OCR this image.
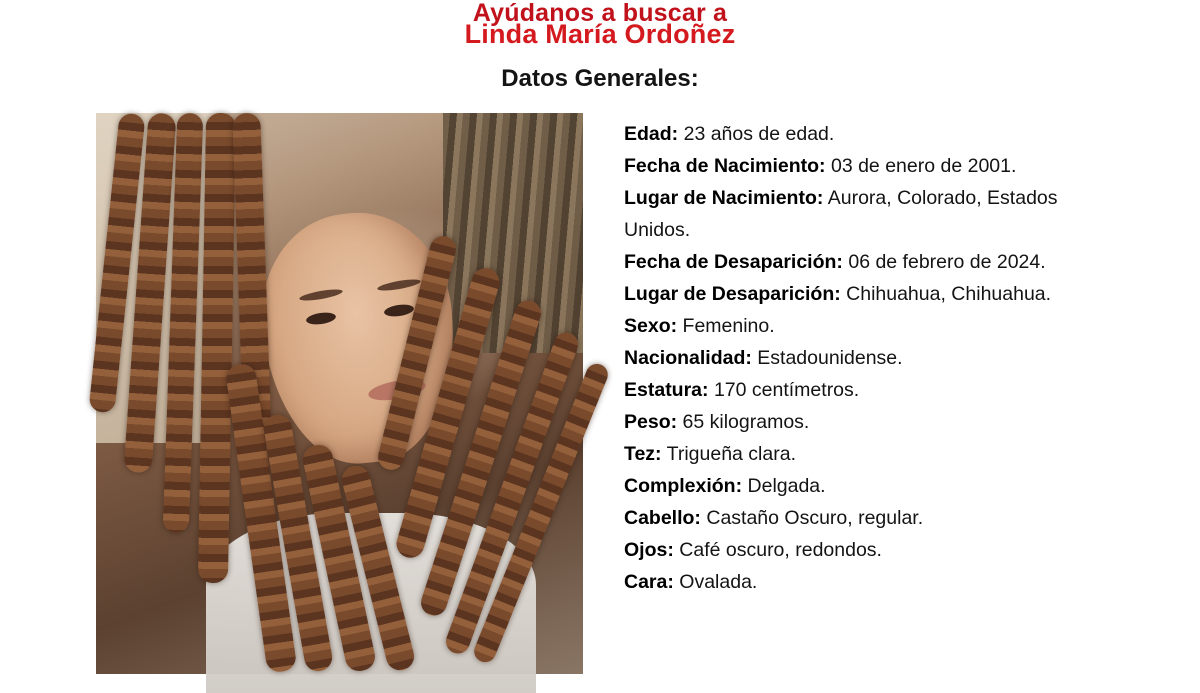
Ayúdanos a buscar a
Linda María Ordoñez
Datos Generales:
Edad: 23 años de edad.
Fecha de Nacimiento: 03 de enero de 2001.
Lugar de Nacimiento: Aurora, Colorado, Estados Unidos.
Fecha de Desaparición: 06 de febrero de 2024.
Lugar de Desaparición: Chihuahua, Chihuahua.
Sexo: Femenino.
Nacionalidad: Estadounidense.
Estatura: 170 centímetros.
Peso: 65 kilogramos.
Tez: Trigueña clara.
Complexión: Delgada.
Cabello: Castaño Oscuro, regular.
Ojos: Café oscuro, redondos.
Cara: Ovalada.
